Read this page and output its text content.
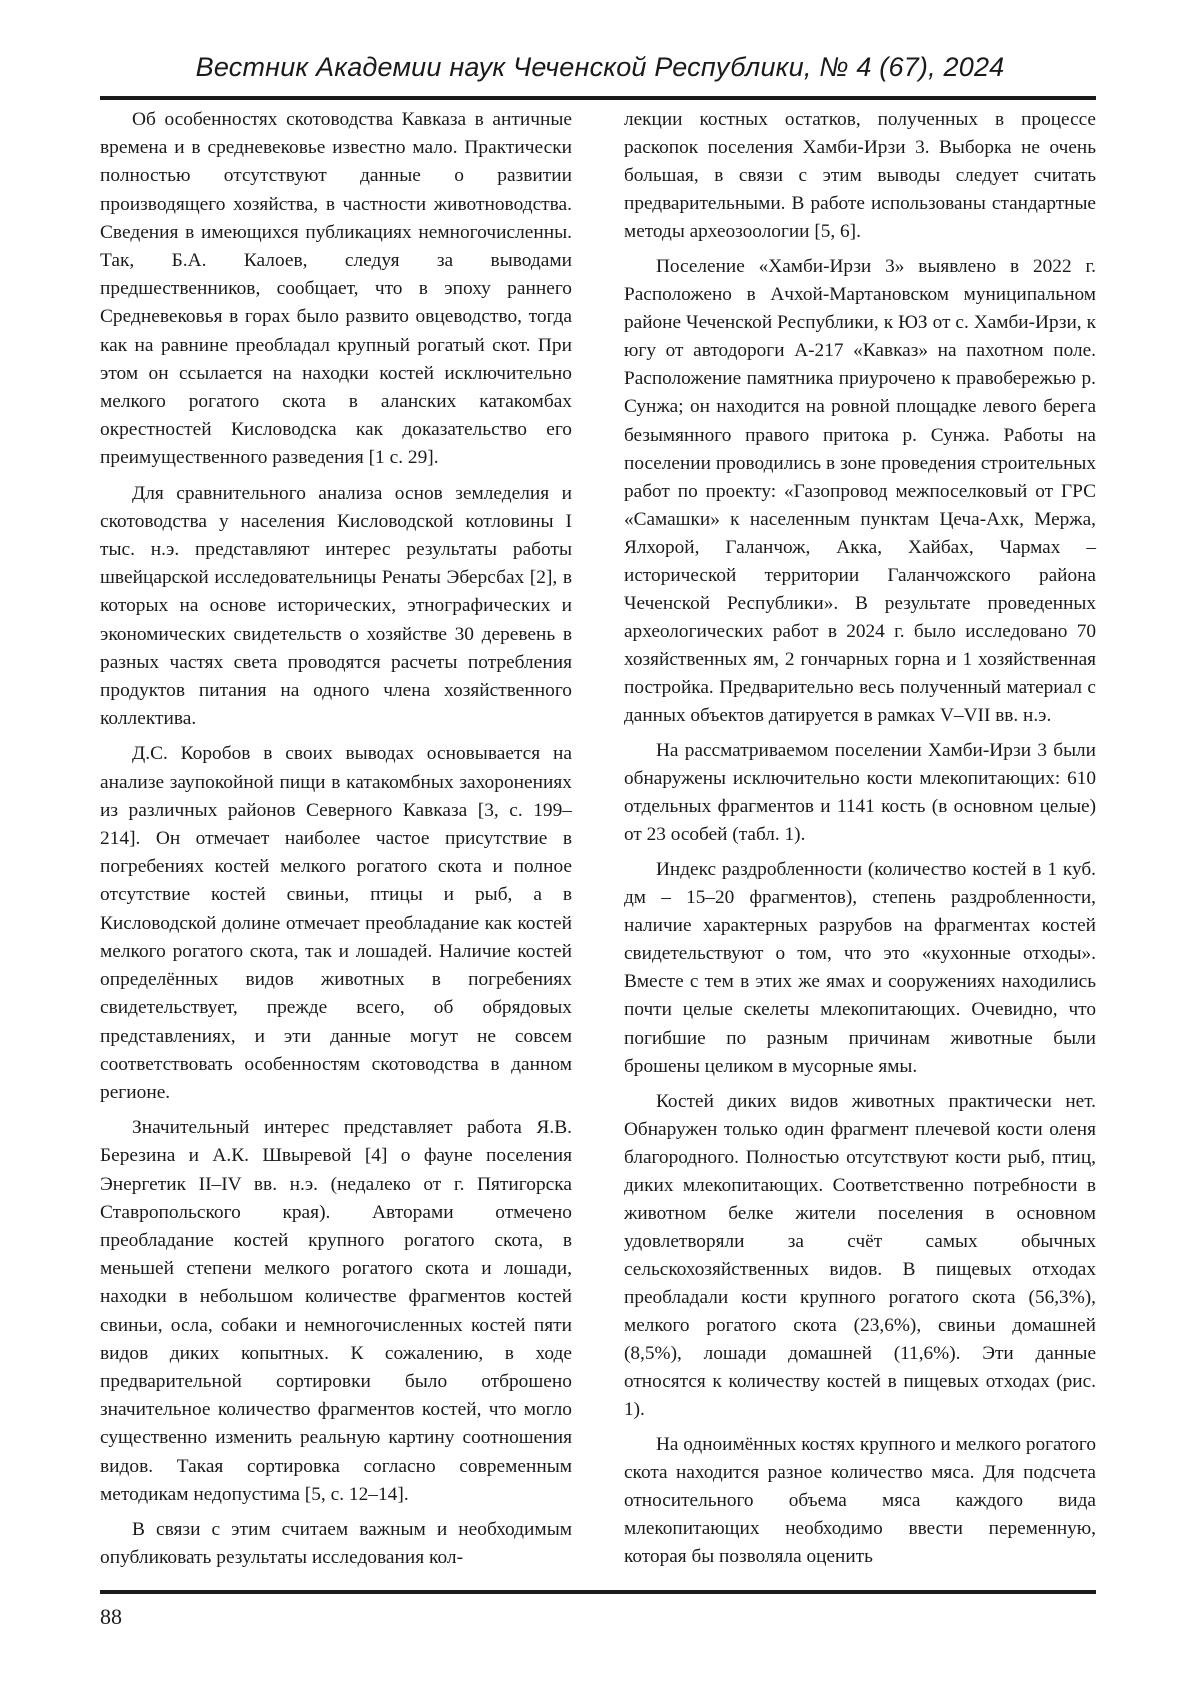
Вестник Академии наук Чеченской Республики, № 4 (67), 2024

Об особенностях скотоводства Кавказа в античные времена и в средневековье известно мало. Практически полностью отсутствуют данные о развитии производящего хозяйства, в частности животноводства. Сведения в имеющихся публикациях немногочисленны. Так, Б.А. Калоев, следуя за выводами предшественников, сообщает, что в эпоху раннего Средневековья в горах было развито овцеводство, тогда как на равнине преобладал крупный рогатый скот. При этом он ссылается на находки костей исключительно мелкого рогатого скота в аланских катакомбах окрестностей Кисловодска как доказательство его преимущественного разведения [1 с. 29].

Для сравнительного анализа основ земледелия и скотоводства у населения Кисловодской котловины I тыс. н.э. представляют интерес результаты работы швейцарской исследовательницы Ренаты Эберсбах [2], в которых на основе исторических, этнографических и экономических свидетельств о хозяйстве 30 деревень в разных частях света проводятся расчеты потребления продуктов питания на одного члена хозяйственного коллектива.

Д.С. Коробов в своих выводах основывается на анализе заупокойной пищи в катакомбных захоронениях из различных районов Северного Кавказа [3, с. 199–214]. Он отмечает наиболее частое присутствие в погребениях костей мелкого рогатого скота и полное отсутствие костей свиньи, птицы и рыб, а в Кисловодской долине отмечает преобладание как костей мелкого рогатого скота, так и лошадей. Наличие костей определённых видов животных в погребениях свидетельствует, прежде всего, об обрядовых представлениях, и эти данные могут не совсем соответствовать особенностям скотоводства в данном регионе.

Значительный интерес представляет работа Я.В. Березина и А.К. Швыревой [4] о фауне поселения Энергетик II–IV вв. н.э. (недалеко от г. Пятигорска Ставропольского края). Авторами отмечено преобладание костей крупного рогатого скота, в меньшей степени мелкого рогатого скота и лошади, находки в небольшом количестве фрагментов костей свиньи, осла, собаки и немногочисленных костей пяти видов диких копытных. К сожалению, в ходе предварительной сортировки было отброшено значительное количество фрагментов костей, что могло существенно изменить реальную картину соотношения видов. Такая сортировка согласно современным методикам недопустима [5, с. 12–14].

В связи с этим считаем важным и необходимым опубликовать результаты исследования кол-

лекции костных остатков, полученных в процессе раскопок поселения Хамби-Ирзи 3. Выборка не очень большая, в связи с этим выводы следует считать предварительными. В работе использованы стандартные методы археозоологии [5, 6].

Поселение «Хамби-Ирзи 3» выявлено в 2022 г. Расположено в Ачхой-Мартановском муниципальном районе Чеченской Республики, к ЮЗ от с. Хамби-Ирзи, к югу от автодороги А-217 «Кавказ» на пахотном поле. Расположение памятника приурочено к правобережью р. Сунжа; он находится на ровной площадке левого берега безымянного правого притока р. Сунжа. Работы на поселении проводились в зоне проведения строительных работ по проекту: «Газопровод межпоселковый от ГРС «Самашки» к населенным пунктам Цеча-Ахк, Мержа, Ялхорой, Галанчож, Акка, Хайбах, Чармах – исторической территории Галанчожского района Чеченской Республики». В результате проведенных археологических работ в 2024 г. было исследовано 70 хозяйственных ям, 2 гончарных горна и 1 хозяйственная постройка. Предварительно весь полученный материал с данных объектов датируется в рамках V–VII вв. н.э.

На рассматриваемом поселении Хамби-Ирзи 3 были обнаружены исключительно кости млекопитающих: 610 отдельных фрагментов и 1141 кость (в основном целые) от 23 особей (табл. 1).

Индекс раздробленности (количество костей в 1 куб. дм – 15–20 фрагментов), степень раздробленности, наличие характерных разрубов на фрагментах костей свидетельствуют о том, что это «кухонные отходы». Вместе с тем в этих же ямах и сооружениях находились почти целые скелеты млекопитающих. Очевидно, что погибшие по разным причинам животные были брошены целиком в мусорные ямы.

Костей диких видов животных практически нет. Обнаружен только один фрагмент плечевой кости оленя благородного. Полностью отсутствуют кости рыб, птиц, диких млекопитающих. Соответственно потребности в животном белке жители поселения в основном удовлетворяли за счёт самых обычных сельскохозяйственных видов. В пищевых отходах преобладали кости крупного рогатого скота (56,3%), мелкого рогатого скота (23,6%), свиньи домашней (8,5%), лошади домашней (11,6%). Эти данные относятся к количеству костей в пищевых отходах (рис. 1).

На одноимённых костях крупного и мелкого рогатого скота находится разное количество мяса. Для подсчета относительного объема мяса каждого вида млекопитающих необходимо ввести переменную, которая бы позволяла оценить

88
